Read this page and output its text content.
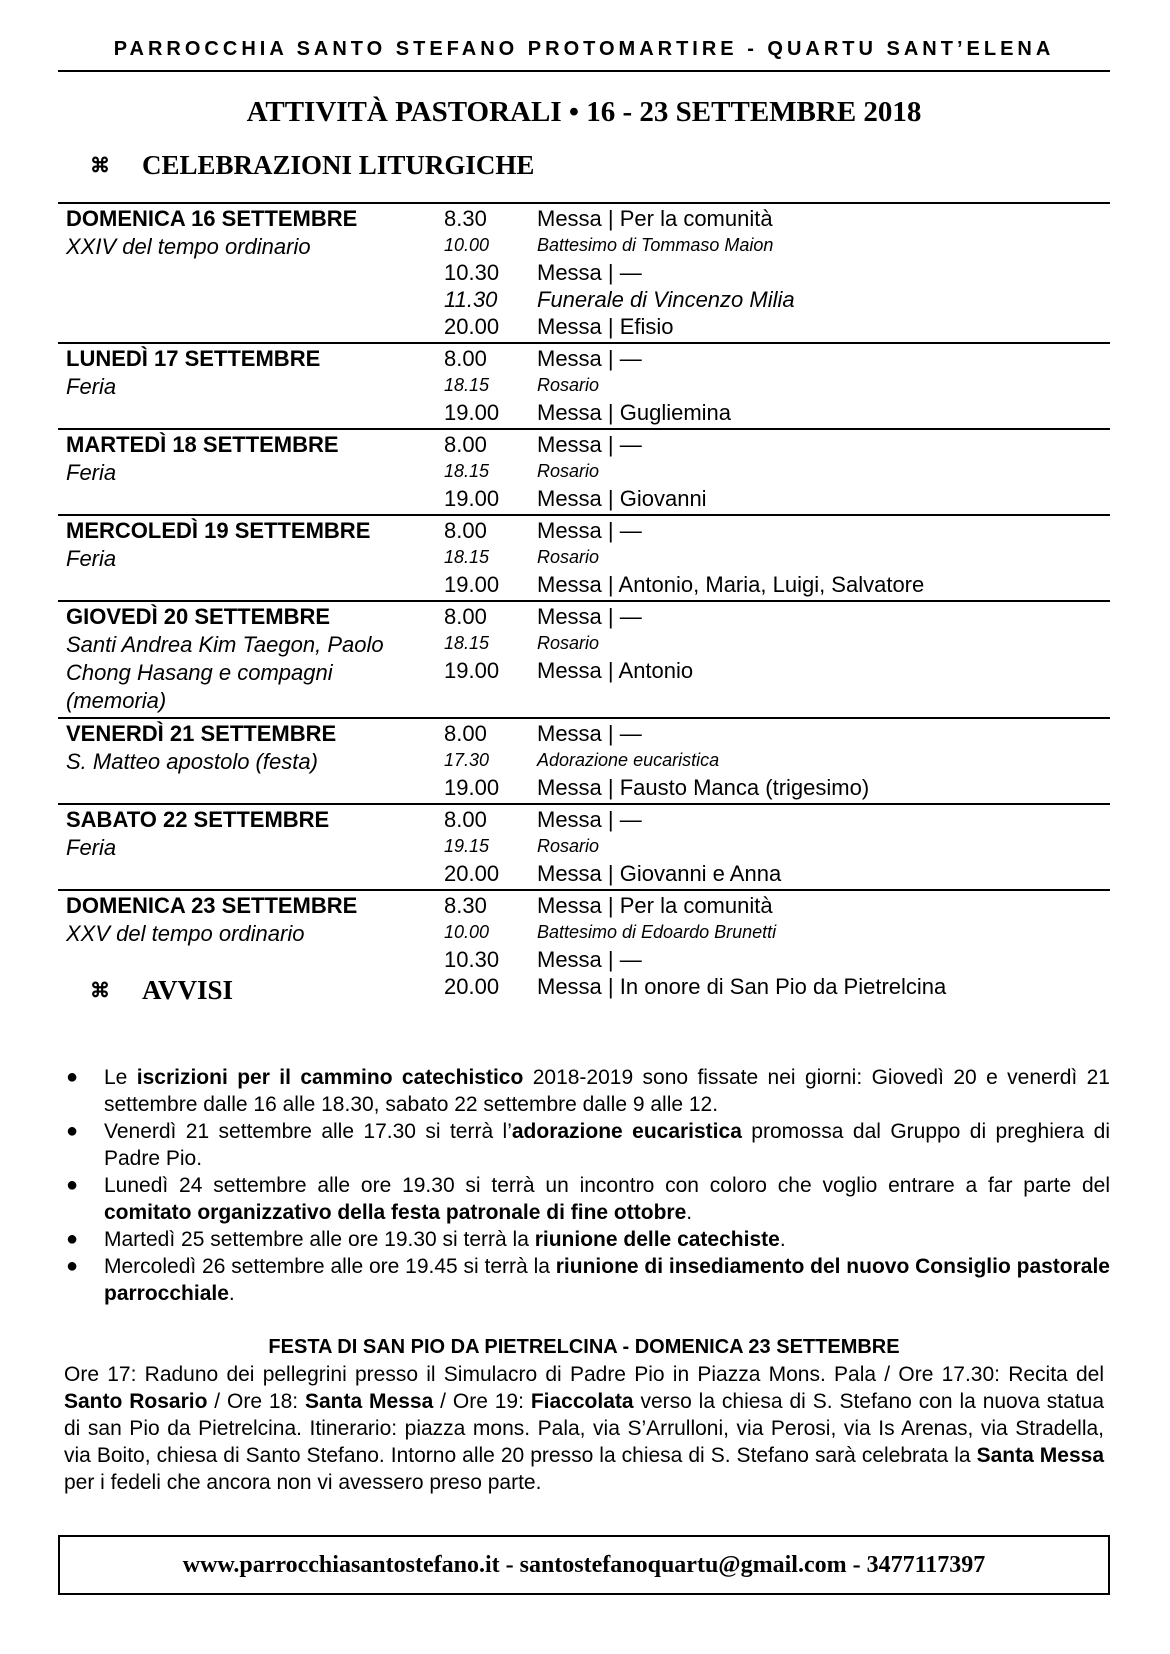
PARROCCHIA SANTO STEFANO PROTOMARTIRE - QUARTU SANT’ELENA
ATTIVITÀ PASTORALI • 16 - 23 SETTEMBRE 2018
⌘	CELEBRAZIONI LITURGICHE
DOMENICA 16 SETTEMBRE
XXIV del tempo ordinario
8.30	Messa | Per la comunità
10.00	Battesimo di Tommaso Maion
10.30	Messa | —
11.30	Funerale di Vincenzo Milia
20.00	Messa | Efisio
LUNEDÌ 17 SETTEMBRE
Feria
8.00	Messa | —
18.15	Rosario
19.00	Messa | Gugliemina
MARTEDÌ 18 SETTEMBRE
Feria
8.00	Messa | —
18.15	Rosario
19.00	Messa | Giovanni
MERCOLEDÌ 19 SETTEMBRE
Feria
8.00	Messa | —
18.15	Rosario
19.00	Messa | Antonio, Maria, Luigi, Salvatore
GIOVEDÌ 20 SETTEMBRE
Santi Andrea Kim Taegon, Paolo
Chong Hasang e compagni
(memoria)
8.00	Messa | —
18.15	Rosario
19.00	Messa | Antonio
VENERDÌ 21 SETTEMBRE
S. Matteo apostolo (festa)
8.00	Messa | —
17.30	Adorazione eucaristica
19.00	Messa | Fausto Manca (trigesimo)
SABATO 22 SETTEMBRE
Feria
8.00	Messa | —
19.15	Rosario
20.00	Messa | Giovanni e Anna
DOMENICA 23 SETTEMBRE
XXV del tempo ordinario
8.30	Messa | Per la comunità
10.00	Battesimo di Edoardo Brunetti
10.30	Messa | —
20.00	Messa | In onore di San Pio da Pietrelcina
⌘	AVVISI
● Le iscrizioni per il cammino catechistico 2018-2019 sono fissate nei giorni: Giovedì 20 e venerdì 21 settembre dalle 16 alle 18.30, sabato 22 settembre dalle 9 alle 12.
● Venerdì 21 settembre alle 17.30 si terrà l’adorazione eucaristica promossa dal Gruppo di preghiera di Padre Pio.
● Lunedì 24 settembre alle ore 19.30 si terrà un incontro con coloro che voglio entrare a far parte del comitato organizzativo della festa patronale di fine ottobre.
● Martedì 25 settembre alle ore 19.30 si terrà la riunione delle catechiste.
● Mercoledì 26 settembre alle ore 19.45 si terrà la riunione di insediamento del nuovo Consiglio pastorale parrocchiale.
FESTA DI SAN PIO DA PIETRELCINA - DOMENICA 23 SETTEMBRE
Ore 17: Raduno dei pellegrini presso il Simulacro di Padre Pio in Piazza Mons. Pala / Ore 17.30: Recita del Santo Rosario / Ore 18: Santa Messa / Ore 19: Fiaccolata verso la chiesa di S. Stefano con la nuova statua di san Pio da Pietrelcina. Itinerario: piazza mons. Pala, via S’Arrulloni, via Perosi, via Is Arenas, via Stradella, via Boito, chiesa di Santo Stefano. Intorno alle 20 presso la chiesa di S. Stefano sarà celebrata la Santa Messa per i fedeli che ancora non vi avessero preso parte.
www.parrocchiasantostefano.it - santostefanoquartu@gmail.com - 3477117397
